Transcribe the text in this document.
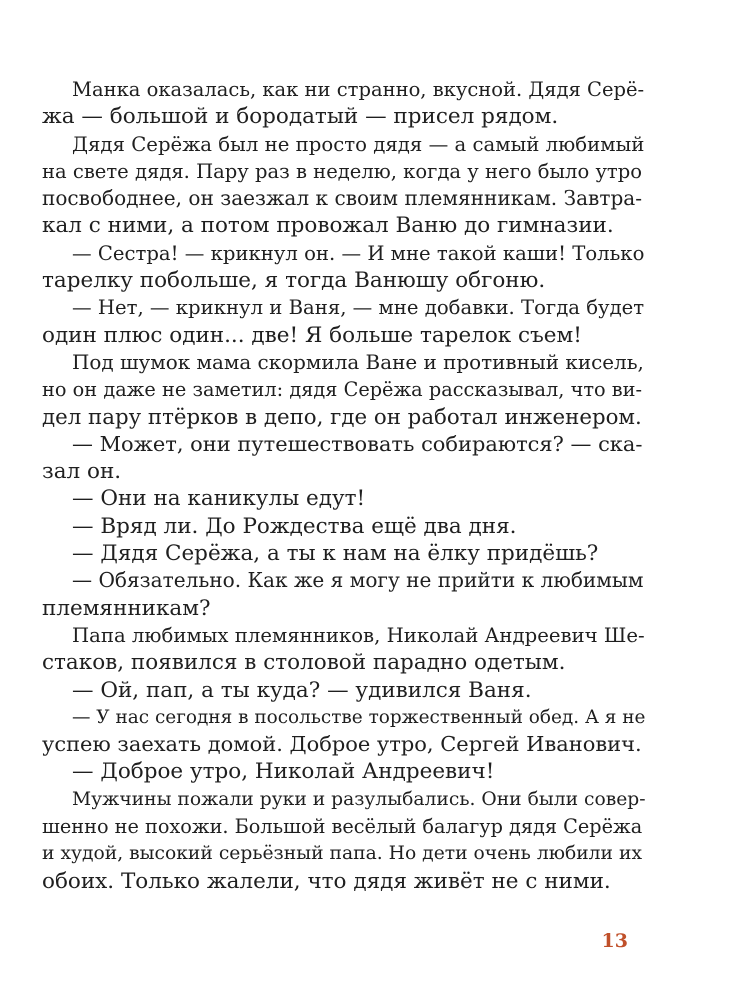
Манка оказалась, как ни странно, вкусной. Дядя Серё-
жа — большой и бородатый — присел рядом.
Дядя Серёжа был не просто дядя — а самый любимый
на свете дядя. Пару раз в неделю, когда у него было утро
посвободнее, он заезжал к своим племянникам. Завтра-
кал с ними, а потом провожал Ваню до гимназии.
— Сестра! — крикнул он. — И мне такой каши! Только
тарелку побольше, я тогда Ванюшу обгоню.
— Нет, — крикнул и Ваня, — мне добавки. Тогда будет
один плюс один... две! Я больше тарелок съем!
Под шумок мама скормила Ване и противный кисель,
но он даже не заметил: дядя Серёжа рассказывал, что ви-
дел пару птёрков в депо, где он работал инженером.
— Может, они путешествовать собираются? — ска-
зал он.
— Они на каникулы едут!
— Вряд ли. До Рождества ещё два дня.
— Дядя Серёжа, а ты к нам на ёлку придёшь?
— Обязательно. Как же я могу не прийти к любимым
племянникам?
Папа любимых племянников, Николай Андреевич Ше-
стаков, появился в столовой парадно одетым.
— Ой, пап, а ты куда? — удивился Ваня.
— У нас сегодня в посольстве торжественный обед. А я не
успею заехать домой. Доброе утро, Сергей Иванович.
— Доброе утро, Николай Андреевич!
Мужчины пожали руки и разулыбались. Они были совер-
шенно не похожи. Большой весёлый балагур дядя Серёжа
и худой, высокий серьёзный папа. Но дети очень любили их
обоих. Только жалели, что дядя живёт не с ними.
13
